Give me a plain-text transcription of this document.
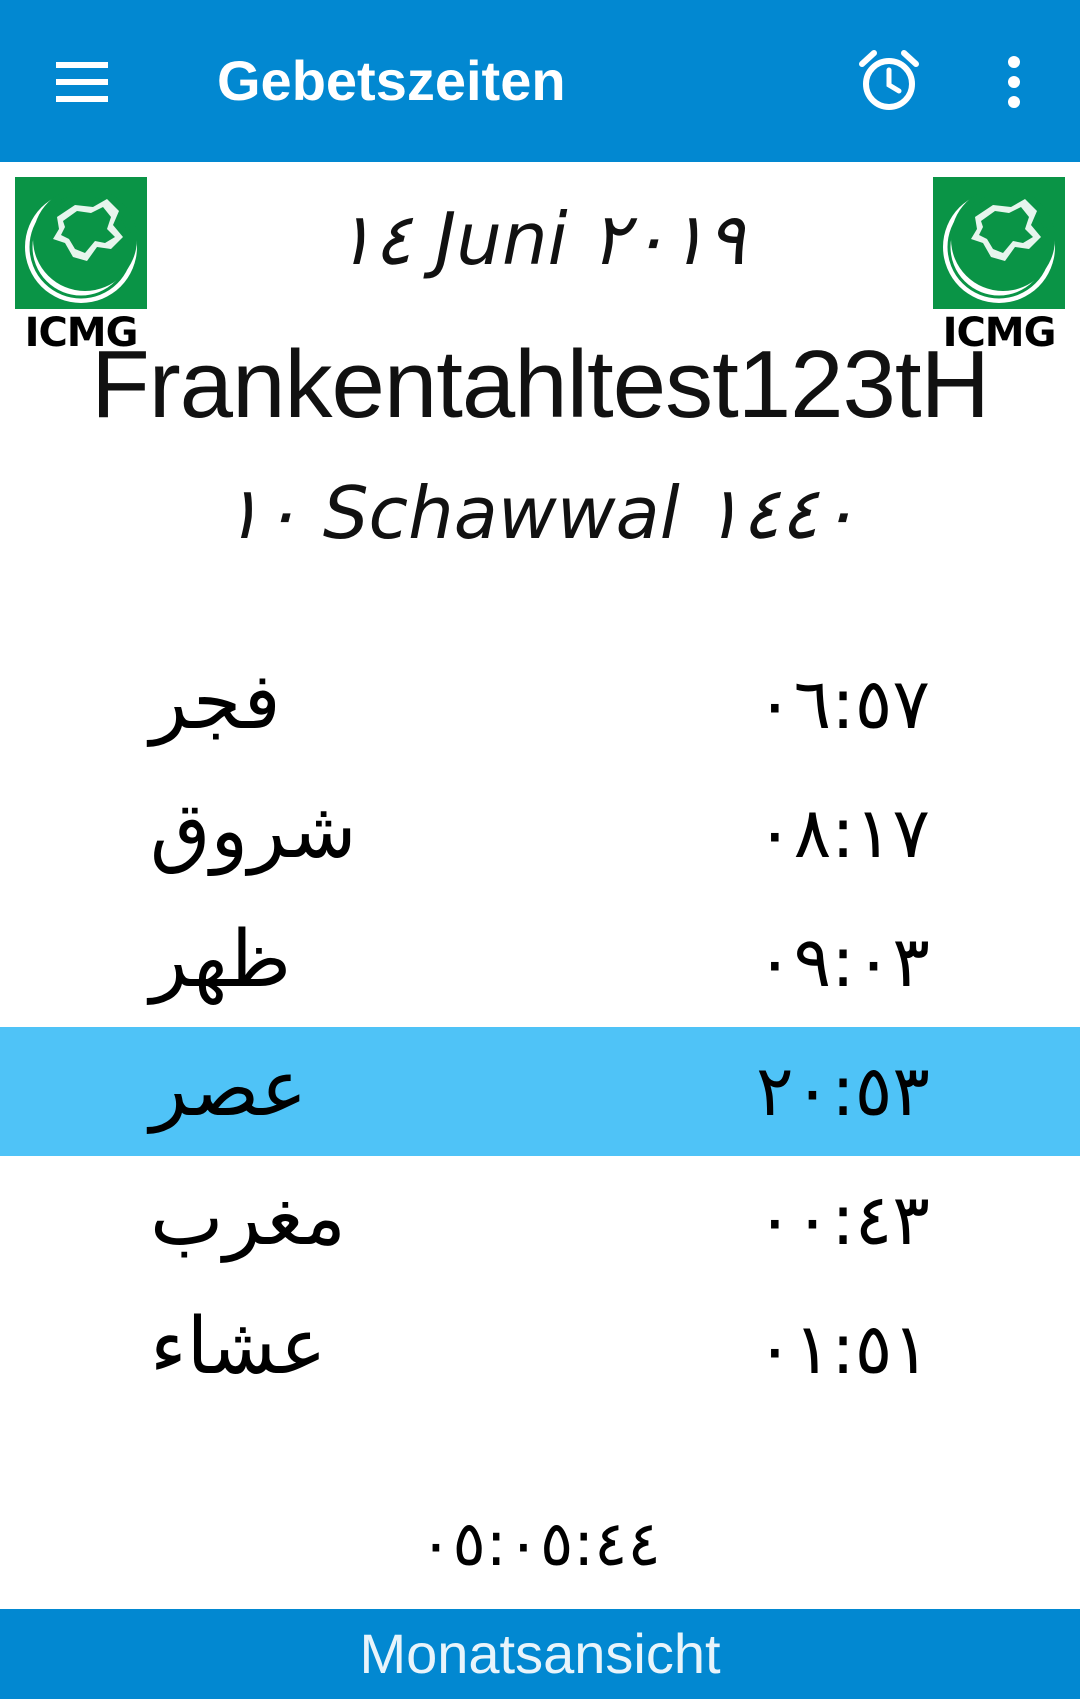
Gebetszeiten
ICMG	ICMG
١٤ Juni ٢٠١٩
Frankentahltest123tH
١٠ Schawwal ١٤٤٠
فجر	٠٦:٥٧
شروق	٠٨:١٧
ظهر	٠٩:٠٣
عصر	٢٠:٥٣
مغرب	٠٠:٤٣
عشاء	٠١:٥١
٠٥:٠٥:٤٤
Monatsansicht
